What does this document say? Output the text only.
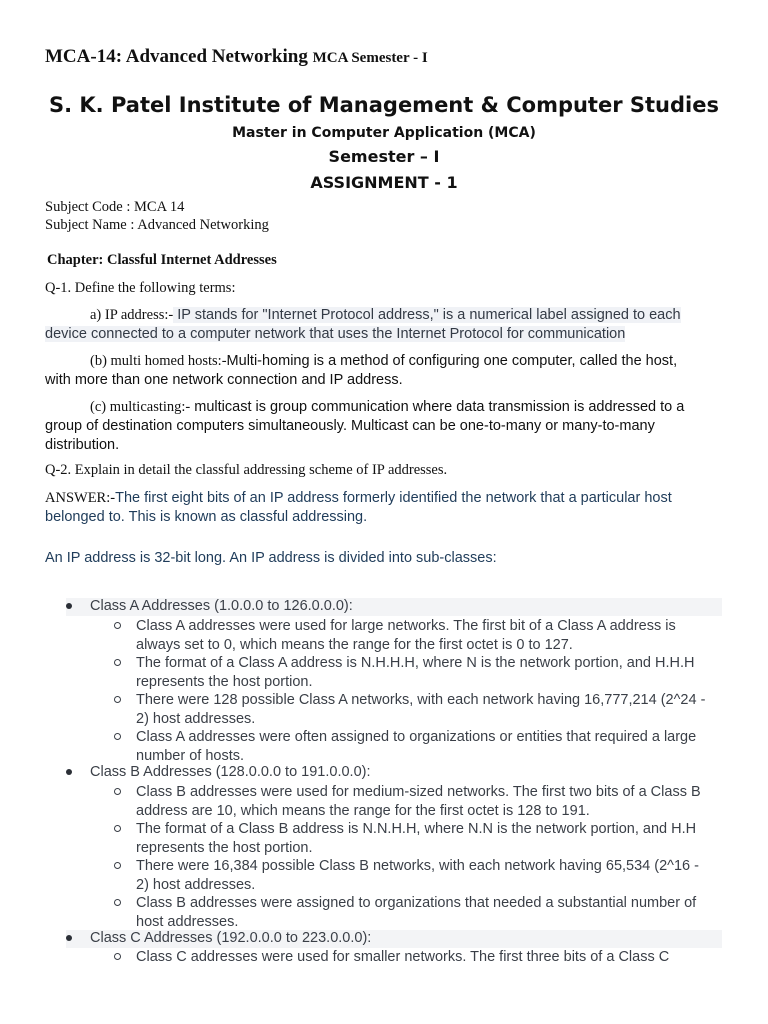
MCA-14: Advanced Networking MCA Semester - I
S. K. Patel Institute of Management & Computer Studies
Master in Computer Application (MCA)
Semester – I
ASSIGNMENT - 1
Subject Code : MCA 14
Subject Name : Advanced Networking
Chapter: Classful Internet Addresses
Q-1. Define the following terms:
a) IP address:- IP stands for "Internet Protocol address," is a numerical label assigned to each
device connected to a computer network that uses the Internet Protocol for communication
(b) multi homed hosts:-Multi-homing is a method of configuring one computer, called the host,
with more than one network connection and IP address.
(c) multicasting:- multicast is group communication where data transmission is addressed to a
group of destination computers simultaneously. Multicast can be one-to-many or many-to-many
distribution.
Q-2. Explain in detail the classful addressing scheme of IP addresses.
ANSWER:-The first eight bits of an IP address formerly identified the network that a particular host
belonged to. This is known as classful addressing.
An IP address is 32-bit long. An IP address is divided into sub-classes:
Class A Addresses (1.0.0.0 to 126.0.0.0):
Class A addresses were used for large networks. The first bit of a Class A address is
always set to 0, which means the range for the first octet is 0 to 127.
The format of a Class A address is N.H.H.H, where N is the network portion, and H.H.H
represents the host portion.
There were 128 possible Class A networks, with each network having 16,777,214 (2^24 -
2) host addresses.
Class A addresses were often assigned to organizations or entities that required a large
number of hosts.
Class B Addresses (128.0.0.0 to 191.0.0.0):
Class B addresses were used for medium-sized networks. The first two bits of a Class B
address are 10, which means the range for the first octet is 128 to 191.
The format of a Class B address is N.N.H.H, where N.N is the network portion, and H.H
represents the host portion.
There were 16,384 possible Class B networks, with each network having 65,534 (2^16 -
2) host addresses.
Class B addresses were assigned to organizations that needed a substantial number of
host addresses.
Class C Addresses (192.0.0.0 to 223.0.0.0):
Class C addresses were used for smaller networks. The first three bits of a Class C
